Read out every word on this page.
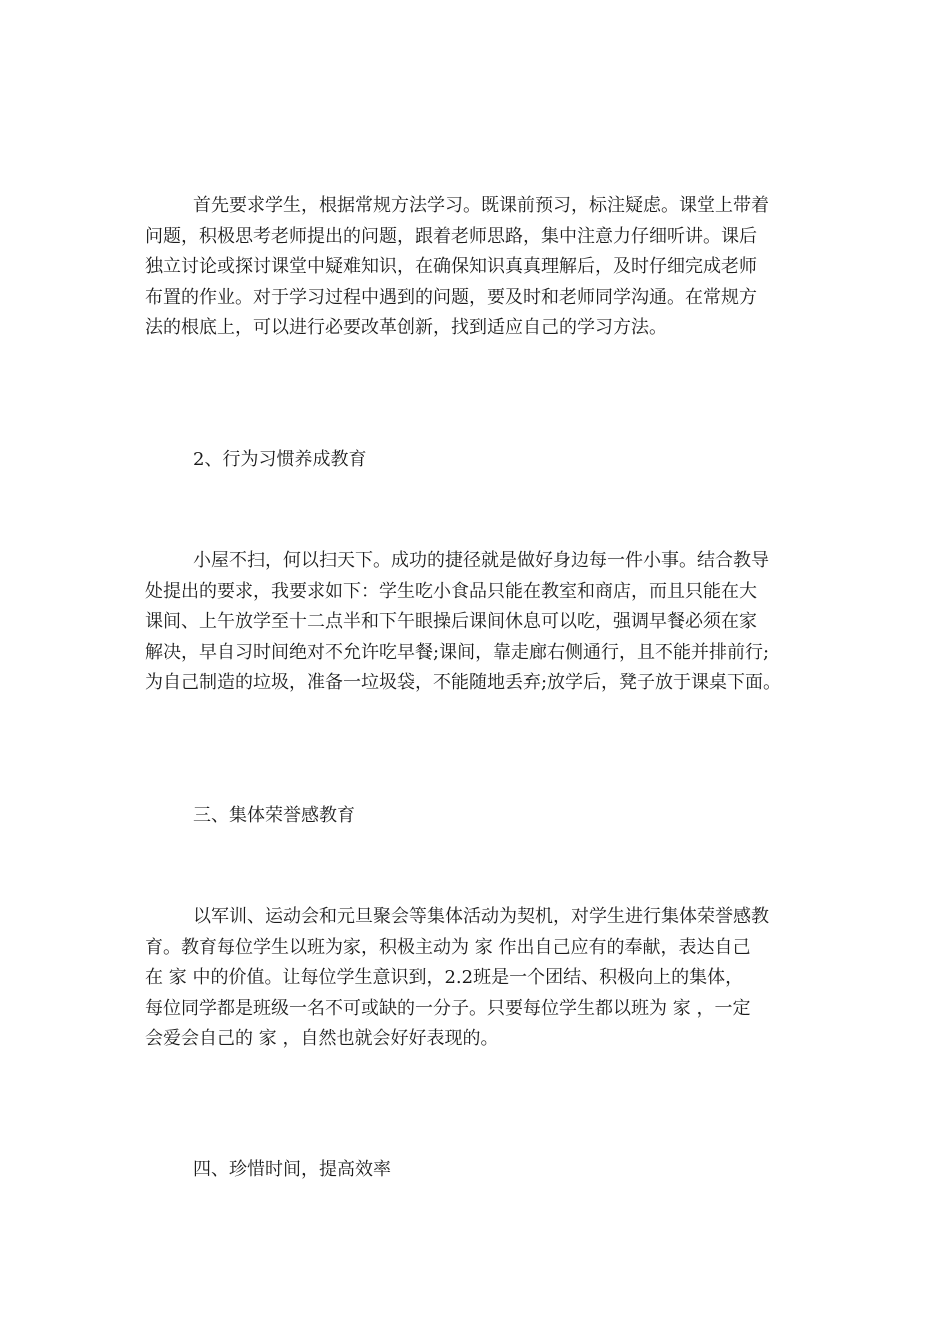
首先要求学生，根据常规方法学习。既课前预习，标注疑虑。课堂上带着

问题，积极思考老师提出的问题，跟着老师思路，集中注意力仔细听讲。课后

独立讨论或探讨课堂中疑难知识，在确保知识真真理解后，及时仔细完成老师

布置的作业。对于学习过程中遇到的问题，要及时和老师同学沟通。在常规方

法的根底上，可以进行必要改革创新，找到适应自己的学习方法。

2、行为习惯养成教育

小屋不扫，何以扫天下。成功的捷径就是做好身边每一件小事。结合教导

处提出的要求，我要求如下：学生吃小食品只能在教室和商店，而且只能在大

课间、上午放学至十二点半和下午眼操后课间休息可以吃，强调早餐必须在家

解决，早自习时间绝对不允许吃早餐;课间，靠走廊右侧通行，且不能并排前行;

为自己制造的垃圾，准备一垃圾袋，不能随地丢弃;放学后，凳子放于课桌下面。

三、集体荣誉感教育

以军训、运动会和元旦聚会等集体活动为契机，对学生进行集体荣誉感教

育。教育每位学生以班为家，积极主动为 家 作出自己应有的奉献，表达自己

在 家 中的价值。让每位学生意识到，2.2班是一个团结、积极向上的集体，

每位同学都是班级一名不可或缺的一分子。只要每位学生都以班为 家 ，一定

会爱会自己的 家 ，自然也就会好好表现的。

四、珍惜时间，提高效率
